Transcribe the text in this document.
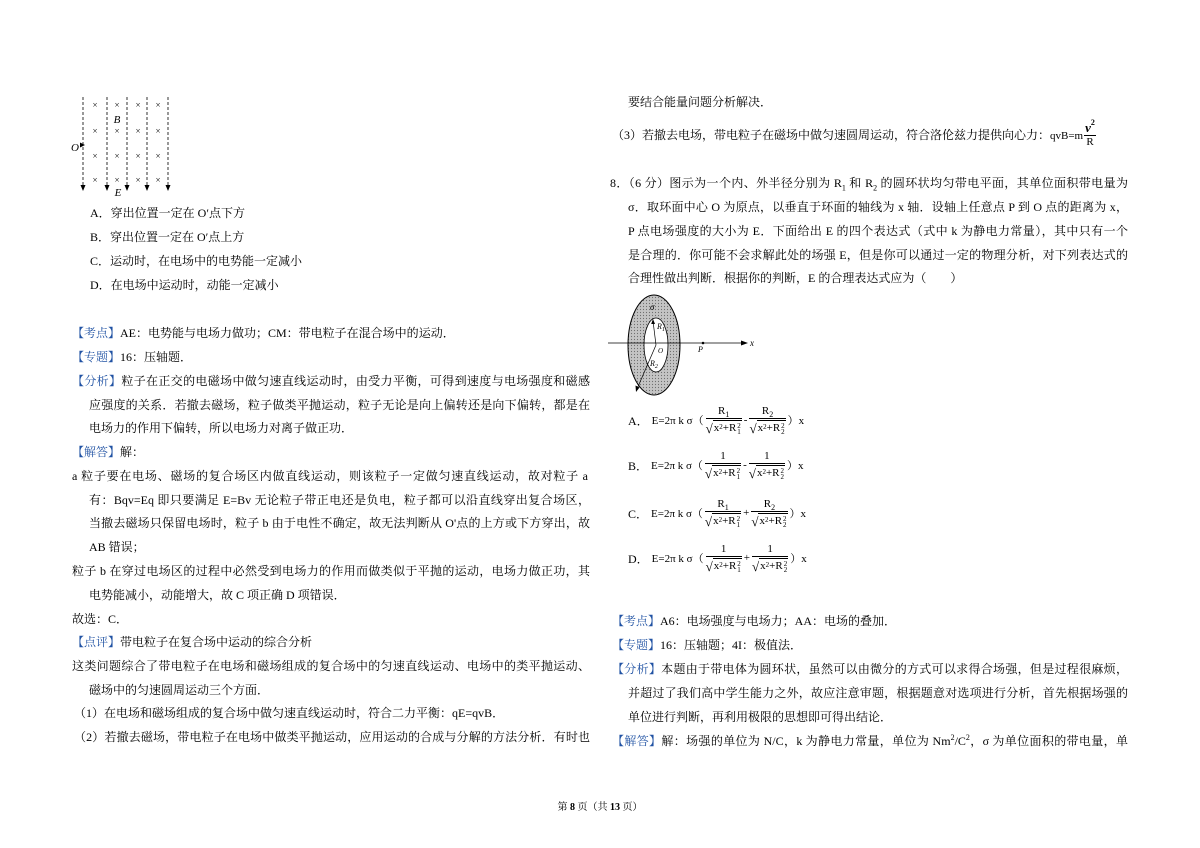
×
×
×
×
×
×
×
×
×
×
×
×
×
×
×
×
B
O
E
A．穿出位置一定在 O′点下方
B．穿出位置一定在 O′点上方
C．运动时，在电场中的电势能一定减小
D．在电场中运动时，动能一定减小
【考点】AE：电势能与电场力做功；CM：带电粒子在混合场中的运动．
【专题】16：压轴题．
【分析】粒子在正交的电磁场中做匀速直线运动时，由受力平衡，可得到速度与电场强度和磁感
应强度的关系．若撤去磁场，粒子做类平抛运动，粒子无论是向上偏转还是向下偏转，都是在
电场力的作用下偏转，所以电场力对离子做正功．
【解答】解：
a 粒子要在电场、磁场的复合场区内做直线运动，则该粒子一定做匀速直线运动，故对粒子 a
有：Bqv=Eq 即只要满足 E=Bv 无论粒子带正电还是负电，粒子都可以沿直线穿出复合场区，
当撤去磁场只保留电场时，粒子 b 由于电性不确定，故无法判断从 O'点的上方或下方穿出，故
AB 错误；
粒子 b 在穿过电场区的过程中必然受到电场力的作用而做类似于平抛的运动，电场力做正功，其
电势能减小，动能增大，故 C 项正确 D 项错误．
故选：C．
【点评】带电粒子在复合场中运动的综合分析
这类问题综合了带电粒子在电场和磁场组成的复合场中的匀速直线运动、电场中的类平抛运动、
磁场中的匀速圆周运动三个方面．
（1）在电场和磁场组成的复合场中做匀速直线运动时，符合二力平衡：qE=qvB．
（2）若撤去磁场，带电粒子在电场中做类平抛运动，应用运动的合成与分解的方法分析．有时也
要结合能量问题分析解决．
（3）若撤去电场，带电粒子在磁场中做匀速圆周运动，符合洛伦兹力提供向心力： qvB=m
$v^2$
R
8．（6 分）图示为一个内、外半径分别为 $R_1$ 和 $R_2$ 的圆环状均匀带电平面，其单位面积带电量为
σ．取环面中心 O 为原点，以垂直于环面的轴线为 x 轴．设轴上任意点 P 到 O 点的距离为 x，
P 点电场强度的大小为 E．下面给出 E 的四个表达式（式中 k 为静电力常量），其中只有一个
是合理的．你可能不会求解此处的场强 E，但是你可以通过一定的物理分析，对下列表达式的
合理性做出判断．根据你的判断，E 的合理表达式应为（　　）
σ
$R_1$
O
$R_2$
P
x
A． E=2π k σ（ $R_1$
√ $x^2 + R$ 2
$1 - R_2$
√ $x^2 + R$ 2
2 ）x
B． E=2π k σ（ 1
√ $x^2 + R$ 2
1 - 1
√ $x^2 + R$ 2
2 ）x
C． E=2π k σ（ $R_1$
√ $x^2 + R$ 2
$1 + R_2$
√ $x^2 + R$ 2
2 ）x
D． E=2π k σ（ 1
√ $x^2 + R$ 2
1 + 1
√ $x^2 + R$ 2
2 ）x
【考点】A6：电场强度与电场力；AA：电场的叠加．
【专题】16：压轴题；4I：极值法．
【分析】本题由于带电体为圆环状，虽然可以由微分的方式可以求得合场强，但是过程很麻烦，
并超过了我们高中学生能力之外，故应注意审题，根据题意对选项进行分析，首先根据场强的
单位进行判断，再利用极限的思想即可得出结论．
【解答】解：场强的单位为 N/C，k 为静电力常量，单位为 $Nm^2/C^2$，σ 为单位面积的带电量，单
第 8 页（共 13 页）
